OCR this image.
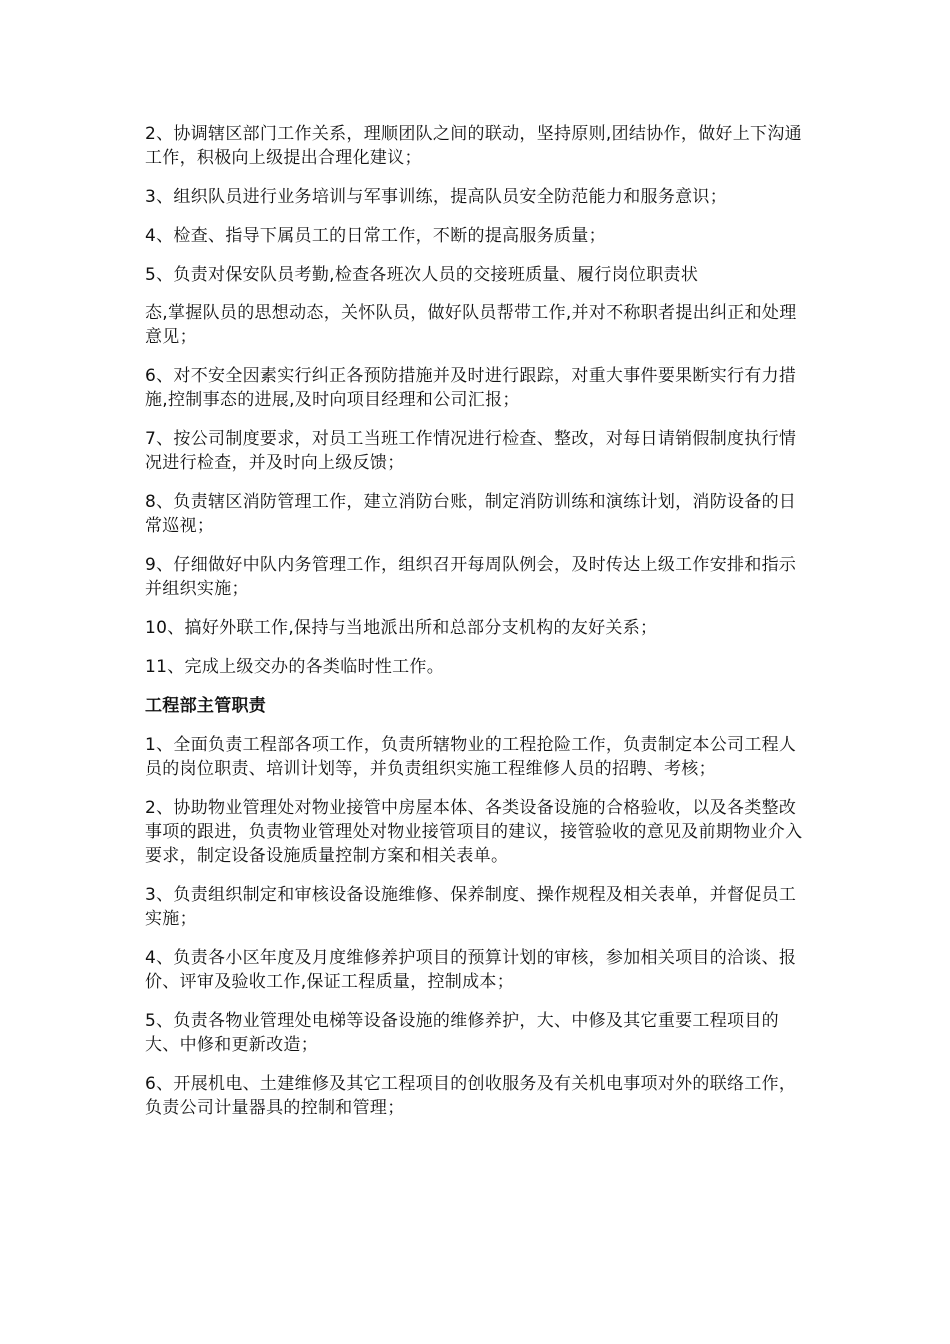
2、协调辖区部门工作关系，理顺团队之间的联动，坚持原则,团结协作，做好上下沟通工作，积极向上级提出合理化建议；

3、组织队员进行业务培训与军事训练，提高队员安全防范能力和服务意识；

4、检查、指导下属员工的日常工作，不断的提高服务质量；

5、负责对保安队员考勤,检查各班次人员的交接班质量、履行岗位职责状

态,掌握队员的思想动态，关怀队员，做好队员帮带工作,并对不称职者提出纠正和处理意见；

6、对不安全因素实行纠正各预防措施并及时进行跟踪，对重大事件要果断实行有力措施,控制事态的进展,及时向项目经理和公司汇报；

7、按公司制度要求，对员工当班工作情况进行检查、整改，对每日请销假制度执行情况进行检查，并及时向上级反馈；

8、负责辖区消防管理工作，建立消防台账，制定消防训练和演练计划，消防设备的日常巡视；

9、仔细做好中队内务管理工作，组织召开每周队例会，及时传达上级工作安排和指示并组织实施；

10、搞好外联工作,保持与当地派出所和总部分支机构的友好关系；

11、完成上级交办的各类临时性工作。

工程部主管职责

1、全面负责工程部各项工作，负责所辖物业的工程抢险工作，负责制定本公司工程人员的岗位职责、培训计划等，并负责组织实施工程维修人员的招聘、考核；

2、协助物业管理处对物业接管中房屋本体、各类设备设施的合格验收，以及各类整改事项的跟进，负责物业管理处对物业接管项目的建议，接管验收的意见及前期物业介入要求，制定设备设施质量控制方案和相关表单。

3、负责组织制定和审核设备设施维修、保养制度、操作规程及相关表单，并督促员工实施；

4、负责各小区年度及月度维修养护项目的预算计划的审核，参加相关项目的洽谈、报价、评审及验收工作,保证工程质量，控制成本；

5、负责各物业管理处电梯等设备设施的维修养护，大、中修及其它重要工程项目的大、中修和更新改造；

6、开展机电、土建维修及其它工程项目的创收服务及有关机电事项对外的联络工作， 负责公司计量器具的控制和管理；
